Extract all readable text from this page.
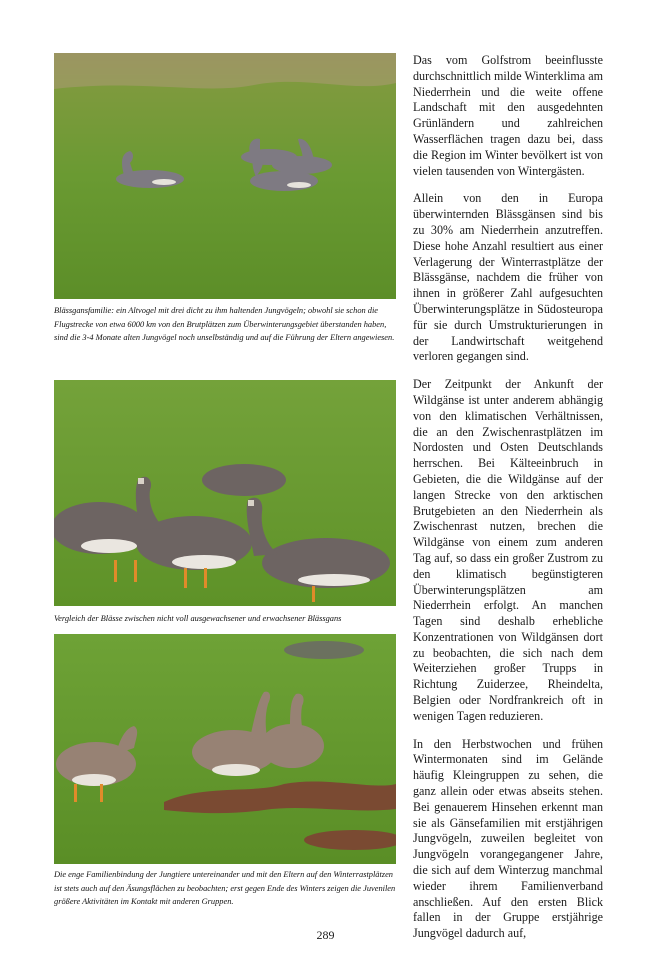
Blässgansfamilie: ein Altvogel mit drei dicht zu ihm haltenden Jungvögeln; obwohl sie schon die Flugstrecke von etwa 6000 km von den Brutplätzen zum Überwinterungsgebiet überstanden haben, sind die 3-4 Monate alten Jungvögel noch unselbständig und auf die Führung der Eltern angewiesen.
Vergleich der Blässe zwischen nicht voll ausgewachsener und erwachsener Blässgans
Die enge Familienbindung der Jungtiere untereinander und mit den Eltern auf den Winterrastplätzen ist stets auch auf den Äsungsflächen zu beobachten; erst gegen Ende des Winters zeigen die Juvenilen größere Aktivitäten im Kontakt mit anderen Gruppen.

Das vom Golfstrom beeinflusste durchschnittlich milde Winterklima am Niederrhein und die weite offene Landschaft mit den ausgedehnten Grünländern und zahlreichen Wasserflächen tragen dazu bei, dass die Region im Winter bevölkert ist von vielen tausenden von Wintergästen.

Allein von den in Europa überwinternden Blässgänsen sind bis zu 30% am Niederrhein anzutreffen. Diese hohe Anzahl resultiert aus einer Verlagerung der Winterrastplätze der Blässgänse, nachdem die früher von ihnen in größerer Zahl aufgesuchten Überwinterungsplätze in Südosteuropa für sie durch Umstrukturierungen in der Landwirtschaft weitgehend verloren gegangen sind.

Der Zeitpunkt der Ankunft der Wildgänse ist unter anderem abhängig von den klimatischen Verhältnissen, die an den Zwischenrastplätzen im Nordosten und Osten Deutschlands herrschen. Bei Kälteeinbruch in Gebieten, die die Wildgänse auf der langen Strecke von den arktischen Brutgebieten an den Niederrhein als Zwischenrast nutzen, brechen die Wildgänse von einem zum anderen Tag auf, so dass ein großer Zustrom zu den klimatisch begünstigteren Überwinterungsplätzen am Niederrhein erfolgt. An manchen Tagen sind deshalb erhebliche Konzentrationen von Wildgänsen dort zu beobachten, die sich nach dem Weiterziehen großer Trupps in Richtung Zuiderzee, Rheindelta, Belgien oder Nordfrankreich oft in wenigen Tagen reduzieren.

In den Herbstwochen und frühen Wintermonaten sind im Gelände häufig Kleingruppen zu sehen, die ganz allein oder etwas abseits stehen. Bei genauerem Hinsehen erkennt man sie als Gänsefamilien mit erstjährigen Jungvögeln, zuweilen begleitet von Jungvögeln vorangegangener Jahre, die sich auf dem Winterzug manchmal wieder ihrem Familienverband anschließen. Auf den ersten Blick fallen in der Gruppe erstjährige Jungvögel dadurch auf,

289
